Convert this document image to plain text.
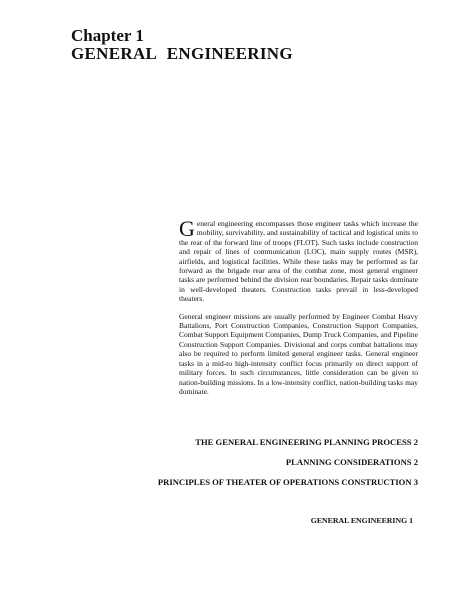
Chapter 1
GENERAL ENGINEERING

General engineering encompasses those engineer tasks which increase the mobility, survivability, and sustainability of tactical and logistical units to the rear of the forward line of troops (FLOT). Such tasks include construction and repair of lines of communication (LOC), main supply routes (MSR), airfields, and logistical facilities. While these tasks may be performed as far forward as the brigade rear area of the combat zone, most general engineer tasks are performed behind the division rear boundaries. Repair tasks dominate in well-developed theaters. Construction tasks prevail in less-developed theaters.

General engineer missions are usually performed by Engineer Combat Heavy Battalions, Port Construction Companies, Construction Support Companies, Combat Support Equipment Companies, Dump Truck Companies, and Pipeline Construction Support Companies. Divisional and corps combat battalions may also be required to perform limited general engineer tasks. General engineer tasks in a mid-to high-intensity conflict focus primarily on direct support of military forces. In such circumstances, little consideration can be given to nation-building missions. In a low-intensity conflict, nation-building tasks may dominate.

THE GENERAL ENGINEERING PLANNING PROCESS 2
PLANNING CONSIDERATIONS 2
PRINCIPLES OF THEATER OF OPERATIONS CONSTRUCTION 3
GENERAL ENGINEERING 1
